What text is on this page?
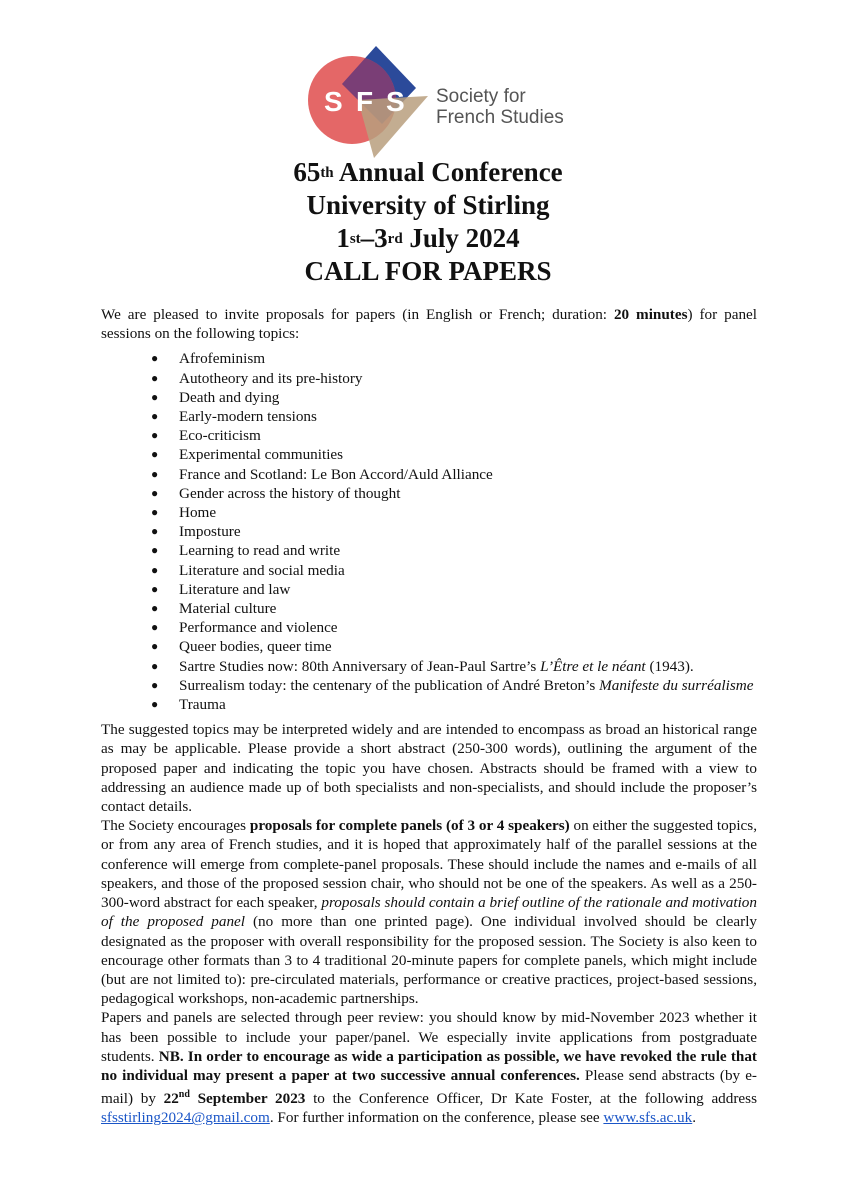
S F S Society for
French Studies
65th Annual Conference
University of Stirling
1st–3rd July 2024
CALL FOR PAPERS

We are pleased to invite proposals for papers (in English or French; duration: 20 minutes) for panel sessions on the following topics:

● Afrofeminism
● Autotheory and its pre-history
● Death and dying
● Early-modern tensions
● Eco-criticism
● Experimental communities
● France and Scotland: Le Bon Accord/Auld Alliance
● Gender across the history of thought
● Home
● Imposture
● Learning to read and write
● Literature and social media
● Literature and law
● Material culture
● Performance and violence
● Queer bodies, queer time
● Sartre Studies now: 80th Anniversary of Jean-Paul Sartre’s L’Être et le néant (1943).
● Surrealism today: the centenary of the publication of André Breton’s Manifeste du surréalisme
● Trauma

The suggested topics may be interpreted widely and are intended to encompass as broad an historical range as may be applicable. Please provide a short abstract (250-300 words), outlining the argument of the proposed paper and indicating the topic you have chosen. Abstracts should be framed with a view to addressing an audience made up of both specialists and non-specialists, and should include the proposer’s contact details.

The Society encourages proposals for complete panels (of 3 or 4 speakers) on either the suggested topics, or from any area of French studies, and it is hoped that approximately half of the parallel sessions at the conference will emerge from complete-panel proposals. These should include the names and e-mails of all speakers, and those of the proposed session chair, who should not be one of the speakers. As well as a 250-300-word abstract for each speaker, proposals should contain a brief outline of the rationale and motivation of the proposed panel (no more than one printed page). One individual involved should be clearly designated as the proposer with overall responsibility for the proposed session. The Society is also keen to encourage other formats than 3 to 4 traditional 20-minute papers for complete panels, which might include (but are not limited to): pre-circulated materials, performance or creative practices, project-based sessions, pedagogical workshops, non-academic partnerships.

Papers and panels are selected through peer review: you should know by mid-November 2023 whether it has been possible to include your paper/panel. We especially invite applications from postgraduate students. NB. In order to encourage as wide a participation as possible, we have revoked the rule that no individual may present a paper at two successive annual conferences. Please send abstracts (by e-mail) by 22nd September 2023 to the Conference Officer, Dr Kate Foster, at the following address sfsstirling2024@gmail.com. For further information on the conference, please see www.sfs.ac.uk.
